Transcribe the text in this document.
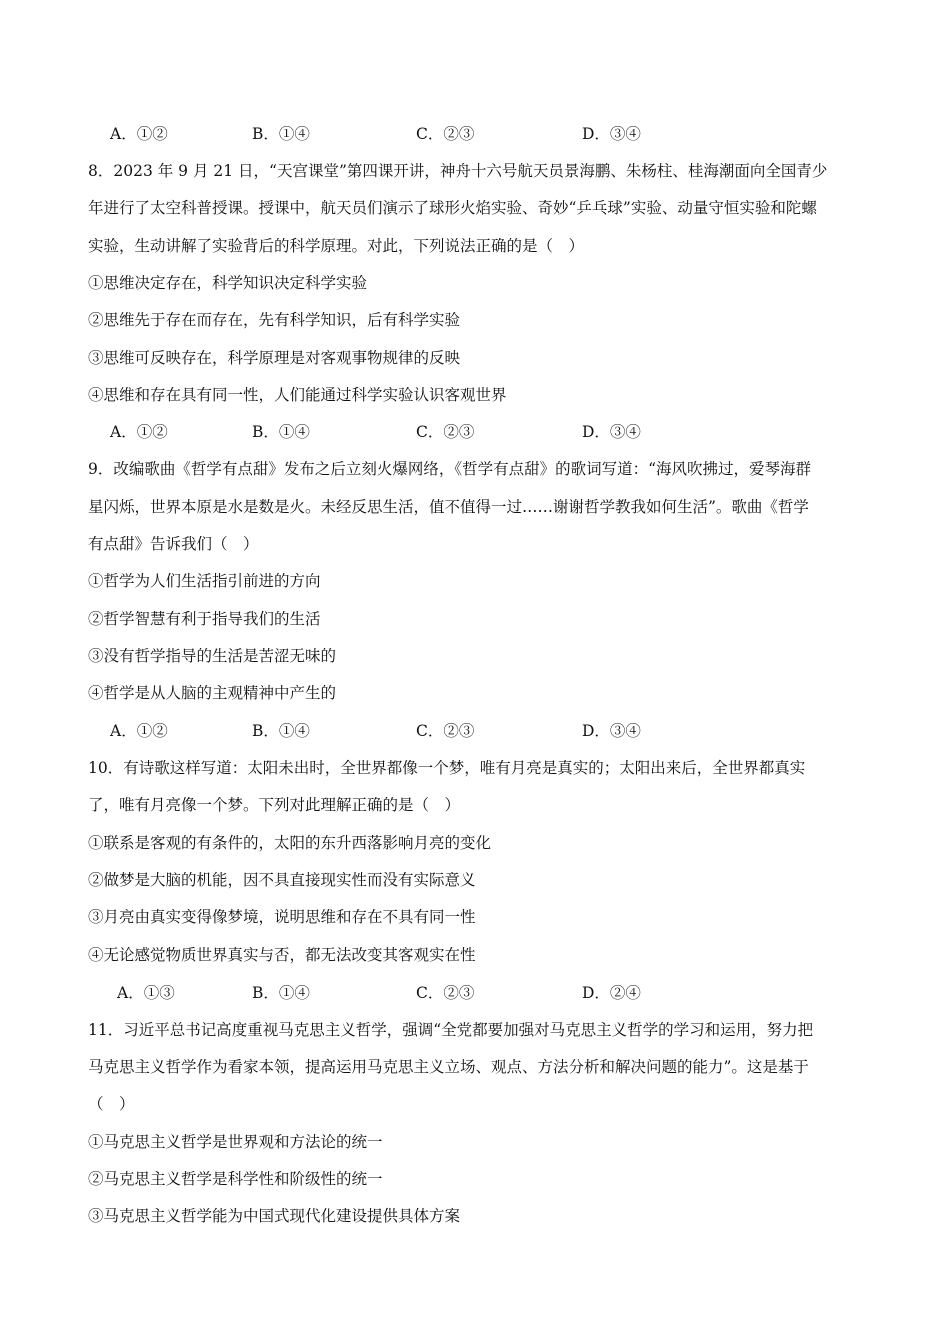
A．①②	B．①④	C．②③	D．③④
8．2023 年 9 月 21 日，“天宫课堂”第四课开讲，神舟十六号航天员景海鹏、朱杨柱、桂海潮面向全国青少
年进行了太空科普授课。授课中，航天员们演示了球形火焰实验、奇妙“乒乓球”实验、动量守恒实验和陀螺
实验，生动讲解了实验背后的科学原理。对此，下列说法正确的是（　）
①思维决定存在，科学知识决定科学实验
②思维先于存在而存在，先有科学知识，后有科学实验
③思维可反映存在，科学原理是对客观事物规律的反映
④思维和存在具有同一性，人们能通过科学实验认识客观世界
A．①②	B．①④	C．②③	D．③④
9．改编歌曲《哲学有点甜》发布之后立刻火爆网络，《哲学有点甜》的歌词写道：“海风吹拂过，爱琴海群
星闪烁，世界本原是水是数是火。未经反思生活，值不值得一过……谢谢哲学教我如何生活”。歌曲《哲学
有点甜》告诉我们（　）
①哲学为人们生活指引前进的方向
②哲学智慧有利于指导我们的生活
③没有哲学指导的生活是苦涩无味的
④哲学是从人脑的主观精神中产生的
A．①②	B．①④	C．②③	D．③④
10．有诗歌这样写道：太阳未出时，全世界都像一个梦，唯有月亮是真实的；太阳出来后，全世界都真实
了，唯有月亮像一个梦。下列对此理解正确的是（　）
①联系是客观的有条件的，太阳的东升西落影响月亮的变化
②做梦是大脑的机能，因不具直接现实性而没有实际意义
③月亮由真实变得像梦境，说明思维和存在不具有同一性
④无论感觉物质世界真实与否，都无法改变其客观实在性
A．①③	B．①④	C．②③	D．②④
11．习近平总书记高度重视马克思主义哲学，强调“全党都要加强对马克思主义哲学的学习和运用，努力把
马克思主义哲学作为看家本领，提高运用马克思主义立场、观点、方法分析和解决问题的能力”。这是基于
（　）
①马克思主义哲学是世界观和方法论的统一
②马克思主义哲学是科学性和阶级性的统一
③马克思主义哲学能为中国式现代化建设提供具体方案
